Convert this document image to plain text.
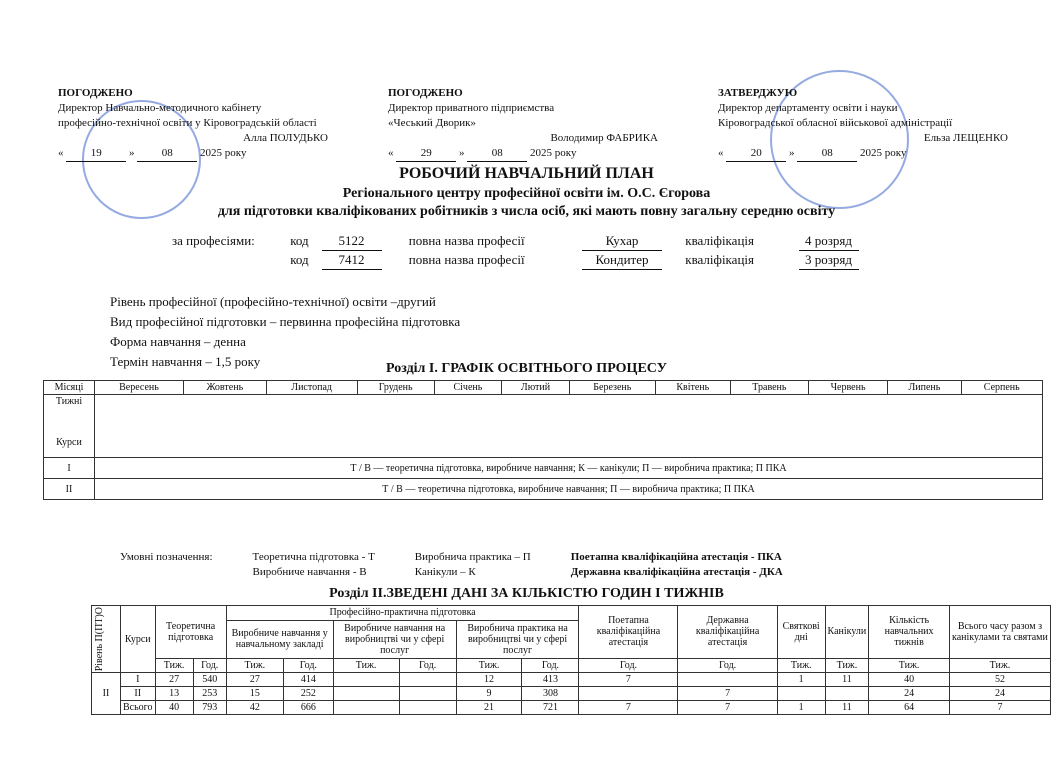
ПОГОДЖЕНО
Директор Навчально-методичного кабінету
професійно-технічної освіти у Кіровоградській області
Алла ПОЛУДЬКО
« 19 » 08 2025 року
ПОГОДЖЕНО
Директор приватного підприємства
«Чеський Дворик»
Володимир ФАБРИКА
« 29 » 08 2025 року
ЗАТВЕРДЖУЮ
Директор департаменту освіти і науки
Кіровоградської обласної військової адміністрації
Ельза ЛЕЩЕНКО
« 20 » 08 2025 року
РОБОЧИЙ НАВЧАЛЬНИЙ ПЛАН
Регіонального центру професійної освіти ім. О.С. Єгорова
для підготовки кваліфікованих робітників з числа осіб, які мають повну загальну середню освіту
за професіями:	код 5122	повна назва професії	Кухар	кваліфікація	4 розряд
код 7412	повна назва професії	Кондитер	кваліфікація	3 розряд
Рівень професійної (професійно-технічної) освіти –другий
Вид професійної підготовки – первинна професійна підготовка
Форма навчання – денна
Термін навчання – 1,5 року	Розділ I. ГРАФІК ОСВІТНЬОГО ПРОЦЕСУ
Місяці	Вересень	Жовтень	Листопад	Грудень	Січень	Лютий	Березень	Квітень	Травень	Червень	Липень	Серпень

Тижні
Курси												

I	Т / В — теоретична підготовка, виробниче навчання; К — канікули; П — виробнича практика; П ПКА											
II	Т / В — теоретична підготовка, виробниче навчання; П — виробнича практика; П ПКА											
Умовні позначення:	Теоретична підготовка - Т
Виробниче навчання - В
Виробнича практика – П
Канікули – К
Поетапна кваліфікаційна атестація - ПКА
Державна кваліфікаційна атестація - ДКА
Розділ II.ЗВЕДЕНІ ДАНІ ЗА КІЛЬКІСТЮ ГОДИН І ТИЖНІВ
Рівень П(ПТ)О	Курси	Теоретична підготовка		Професійно-практична підготовка						Поетапна кваліфікаційна атестація	Державна кваліфікаційна атестація	Святкові дні	Канікули	Кількість навчальних тижнів	Всього часу разом з канікулами та святами
				Виробниче навчання у навчальному закладі		Виробниче навчання на виробництві чи у сфері послуг		Виробнича практика на виробництві чи у сфері послуг							
		Тиж.	Год.	Тиж.	Год.	Тиж.	Год.	Тиж.	Год.	Год.	Год.	Тиж.	Тиж.	Тиж.	Тиж.
II	I	27	540	27	414			12	413	7		1	11	40	52
	II	13	253	15	252			9	308		7			24	24
	Всього	40	793	42	666			21	721	7	7	1	11	64	7
